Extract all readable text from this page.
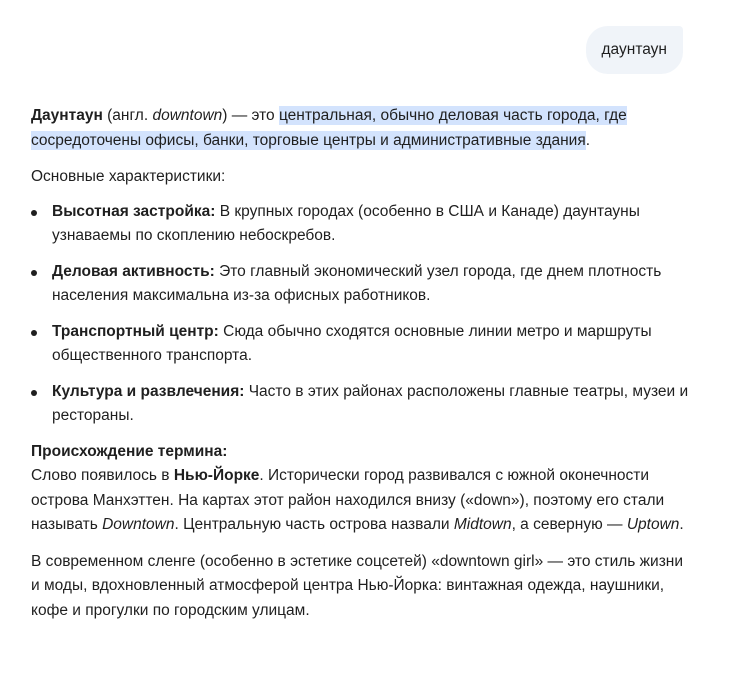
даунтаун

Даунтаун (англ. downtown) — это центральная, обычно деловая часть города, где сосредоточены офисы, банки, торговые центры и административные здания.

Основные характеристики:

Высотная застройка: В крупных городах (особенно в США и Канаде) даунтауны узнаваемы по скоплению небоскребов.
Деловая активность: Это главный экономический узел города, где днем плотность населения максимальна из-за офисных работников.
Транспортный центр: Сюда обычно сходятся основные линии метро и маршруты общественного транспорта.
Культура и развлечения: Часто в этих районах расположены главные театры, музеи и рестораны.

Происхождение термина:

Слово появилось в Нью-Йорке. Исторически город развивался с южной оконечности острова Манхэттен. На картах этот район находился внизу («down»), поэтому его стали называть Downtown. Центральную часть острова назвали Midtown, а северную — Uptown.

В современном сленге (особенно в эстетике соцсетей) «downtown girl» — это стиль жизни и моды, вдохновленный атмосферой центра Нью-Йорка: винтажная одежда, наушники, кофе и прогулки по городским улицам.
